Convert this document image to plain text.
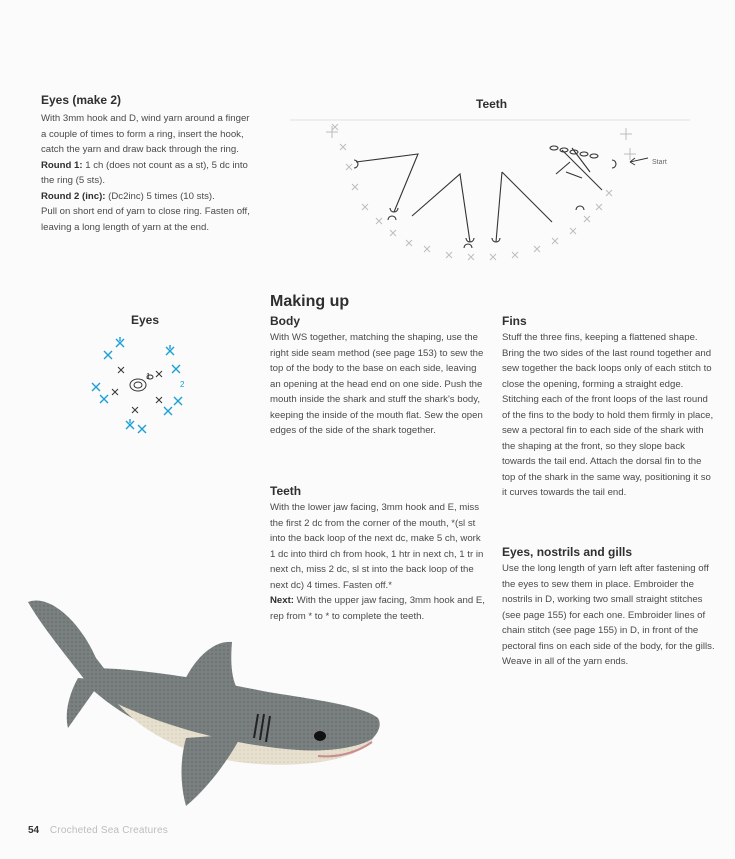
Eyes (make 2)
With 3mm hook and D, wind yarn around a finger a couple of times to form a ring, insert the hook, catch the yarn and draw back through the ring.
Round 1: 1 ch (does not count as a st), 5 dc into the ring (5 sts).
Round 2 (inc): (Dc2inc) 5 times (10 sts).
Pull on short end of yarn to close ring. Fasten off, leaving a long length of yarn at the end.
Teeth
Start
Eyes
1
2
Making up
Body
With WS together, matching the shaping, use the right side seam method (see page 153) to sew the top of the body to the base on each side, leaving an opening at the head end on one side. Push the mouth inside the shark and stuff the shark's body, keeping the inside of the mouth flat. Sew the open edges of the side of the shark together.
Teeth
With the lower jaw facing, 3mm hook and E, miss the first 2 dc from the corner of the mouth, *(sl st into the back loop of the next dc, make 5 ch, work 1 dc into third ch from hook, 1 htr in next ch, 1 tr in next ch, miss 2 dc, sl st into the back loop of the next dc) 4 times. Fasten off.*
Next: With the upper jaw facing, 3mm hook and E, rep from * to * to complete the teeth.
Fins
Stuff the three fins, keeping a flattened shape. Bring the two sides of the last round together and sew together the back loops only of each stitch to close the opening, forming a straight edge. Stitching each of the front loops of the last round of the fins to the body to hold them firmly in place, sew a pectoral fin to each side of the shark with the shaping at the front, so they slope back towards the tail end. Attach the dorsal fin to the top of the shark in the same way, positioning it so it curves towards the tail end.
Eyes, nostrils and gills
Use the long length of yarn left after fastening off the eyes to sew them in place. Embroider the nostrils in D, working two small straight stitches (see page 155) for each one. Embroider lines of chain stitch (see page 155) in D, in front of the pectoral fins on each side of the body, for the gills. Weave in all of the yarn ends.
54 Crocheted Sea Creatures
